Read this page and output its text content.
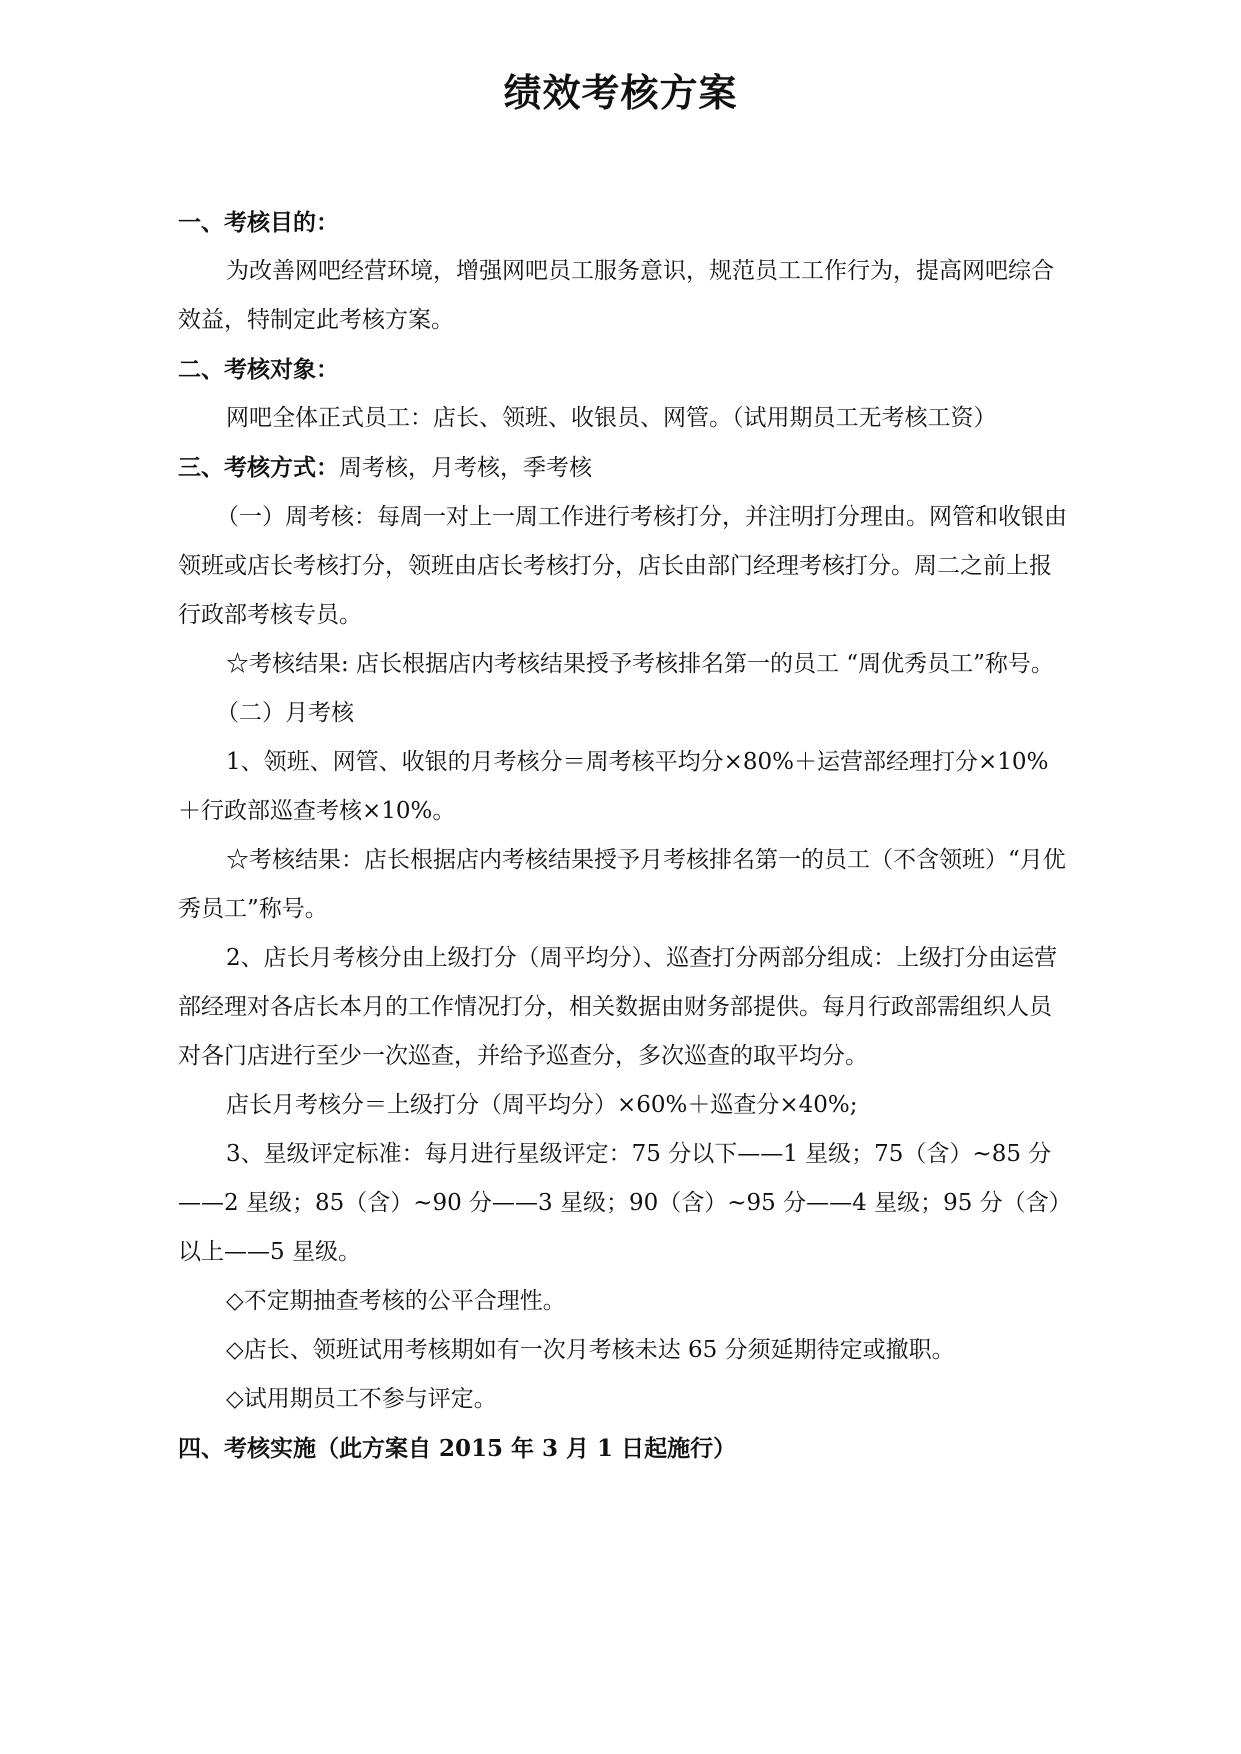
绩效考核方案

一、考核目的：

为改善网吧经营环境，增强网吧员工服务意识，规范员工工作行为，提高网吧综合效益，特制定此考核方案。

二、考核对象：

网吧全体正式员工：店长、领班、收银员、网管。（试用期员工无考核工资）

三、考核方式：周考核，月考核，季考核

（一）周考核：每周一对上一周工作进行考核打分，并注明打分理由。网管和收银由领班或店长考核打分，领班由店长考核打分，店长由部门经理考核打分。周二之前上报行政部考核专员。

☆考核结果: 店长根据店内考核结果授予考核排名第一的员工 “周优秀员工”称号。

（二）月考核

1、领班、网管、收银的月考核分＝周考核平均分×80%＋运营部经理打分×10%＋行政部巡查考核×10%。

☆考核结果：店长根据店内考核结果授予月考核排名第一的员工（不含领班）“月优秀员工”称号。

2、店长月考核分由上级打分（周平均分）、巡查打分两部分组成：上级打分由运营部经理对各店长本月的工作情况打分，相关数据由财务部提供。每月行政部需组织人员对各门店进行至少一次巡查，并给予巡查分，多次巡查的取平均分。

店长月考核分＝上级打分（周平均分）×60%＋巡查分×40%;

3、星级评定标准：每月进行星级评定：75 分以下——1 星级；75（含）~85 分——2 星级；85（含）~90 分——3 星级；90（含）~95 分——4 星级；95 分（含）以上——5 星级。

◇不定期抽查考核的公平合理性。

◇店长、领班试用考核期如有一次月考核未达 65 分须延期待定或撤职。

◇试用期员工不参与评定。

四、考核实施（此方案自 2015 年 3 月 1 日起施行）
